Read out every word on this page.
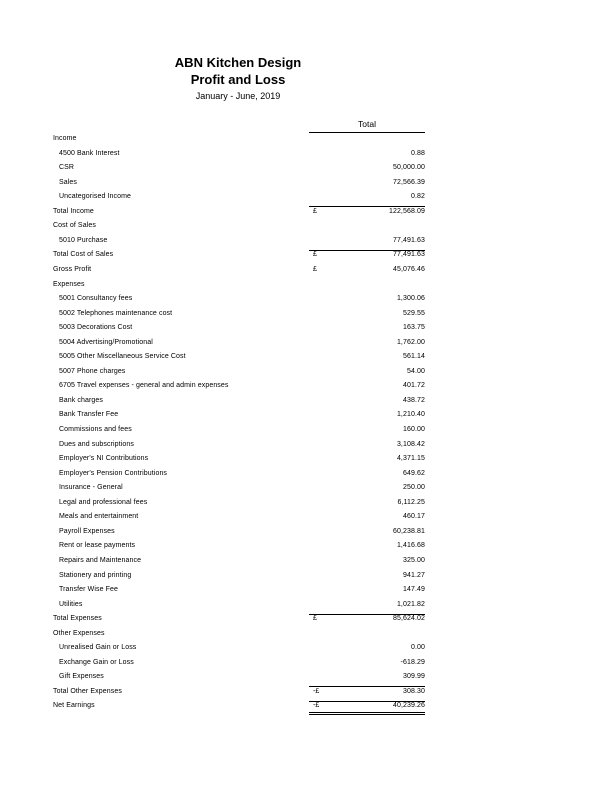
ABN Kitchen Design
Profit and Loss
January - June, 2019
Total
Income
4500 Bank Interest	0.88
CSR	50,000.00
Sales	72,566.39
Uncategorised Income	0.82
Total Income	£	122,568.09
Cost of Sales
5010 Purchase	77,491.63
Total Cost of Sales	£	77,491.63
Gross Profit	£	45,076.46
Expenses
5001 Consultancy fees	1,300.06
5002 Telephones maintenance cost	529.55
5003 Decorations Cost	163.75
5004 Advertising/Promotional	1,762.00
5005 Other Miscellaneous Service Cost	561.14
5007 Phone charges	54.00
6705 Travel expenses - general and admin expenses	401.72
Bank charges	438.72
Bank Transfer Fee	1,210.40
Commissions and fees	160.00
Dues and subscriptions	3,108.42
Employer's NI Contributions	4,371.15
Employer's Pension Contributions	649.62
Insurance - General	250.00
Legal and professional fees	6,112.25
Meals and entertainment	460.17
Payroll Expenses	60,238.81
Rent or lease payments	1,416.68
Repairs and Maintenance	325.00
Stationery and printing	941.27
Transfer Wise Fee	147.49
Utilities	1,021.82
Total Expenses	£	85,624.02
Other Expenses
Unrealised Gain or Loss	0.00
Exchange Gain or Loss	-618.29
Gift Expenses	309.99
Total Other Expenses	-£	308.30
Net Earnings	-£	40,239.26
